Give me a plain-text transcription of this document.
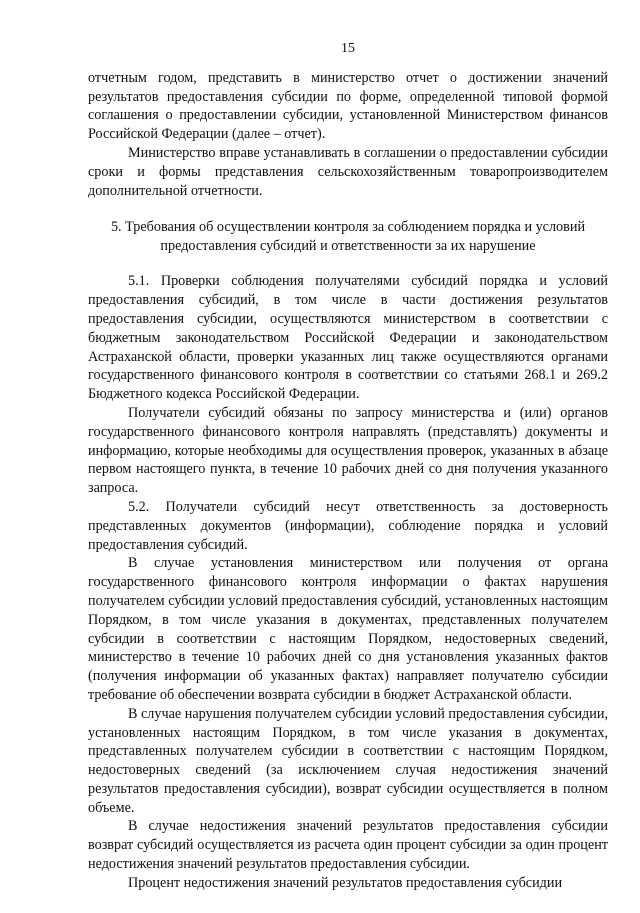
15

отчетным годом, представить в министерство отчет о достижении значений результатов предоставления субсидии по форме, определенной типовой формой соглашения о предоставлении субсидии, установленной Министерством финансов Российской Федерации (далее – отчет).

Министерство вправе устанавливать в соглашении о предоставлении субсидии сроки и формы представления сельскохозяйственным товаропроизводителем дополнительной отчетности.

5. Требования об осуществлении контроля за соблюдением порядка и условий предоставления субсидий и ответственности за их нарушение

5.1. Проверки соблюдения получателями субсидий порядка и условий предоставления субсидий, в том числе в части достижения результатов предоставления субсидии, осуществляются министерством в соответствии с бюджетным законодательством Российской Федерации и законодательством Астраханской области, проверки указанных лиц также осуществляются органами государственного финансового контроля в соответствии со статьями 268.1 и 269.2 Бюджетного кодекса Российской Федерации.

Получатели субсидий обязаны по запросу министерства и (или) органов государственного финансового контроля направлять (представлять) документы и информацию, которые необходимы для осуществления проверок, указанных в абзаце первом настоящего пункта, в течение 10 рабочих дней со дня получения указанного запроса.

5.2. Получатели субсидий несут ответственность за достоверность представленных документов (информации), соблюдение порядка и условий предоставления субсидий.

В случае установления министерством или получения от органа государственного финансового контроля информации о фактах нарушения получателем субсидии условий предоставления субсидий, установленных настоящим Порядком, в том числе указания в документах, представленных получателем субсидии в соответствии с настоящим Порядком, недостоверных сведений, министерство в течение 10 рабочих дней со дня установления указанных фактов (получения информации об указанных фактах) направляет получателю субсидии требование об обеспечении возврата субсидии в бюджет Астраханской области.

В случае нарушения получателем субсидии условий предоставления субсидии, установленных настоящим Порядком, в том числе указания в документах, представленных получателем субсидии в соответствии с настоящим Порядком, недостоверных сведений (за исключением случая недостижения значений результатов предоставления субсидии), возврат субсидии осуществляется в полном объеме.

В случае недостижения значений результатов предоставления субсидии возврат субсидий осуществляется из расчета один процент субсидии за один процент недостижения значений результатов предоставления субсидии.

Процент недостижения значений результатов предоставления субсидии
